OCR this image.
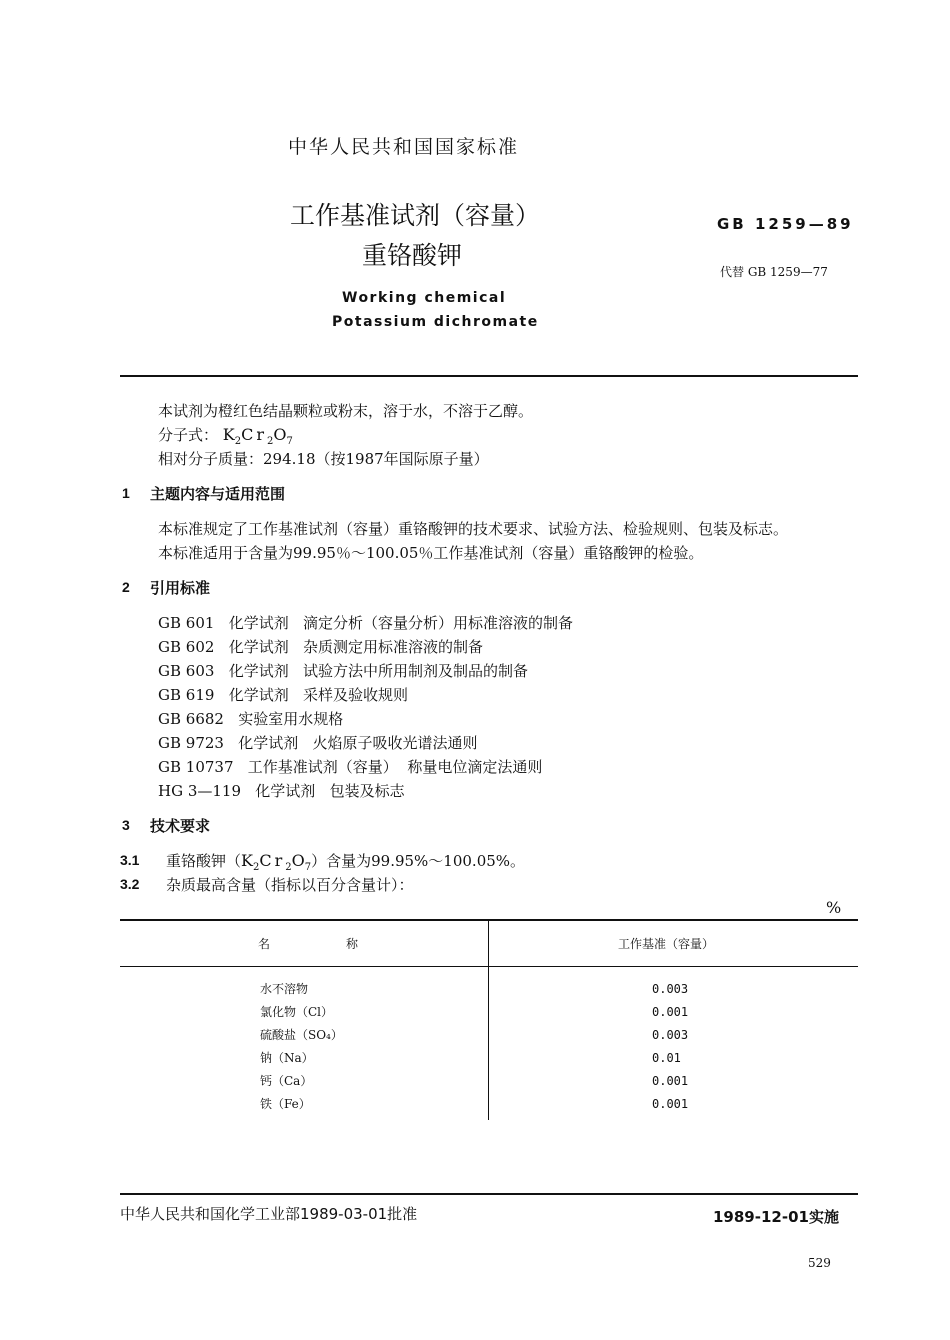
中华人民共和国国家标准
工作基准试剂（容量）
重铬酸钾
Working chemical
Potassium dichromate
GB 1259—89
代替 GB 1259—77
本试剂为橙红色结晶颗粒或粉末，溶于水，不溶于乙醇。
分子式： $K_2Cr_2O_7$
相对分子质量：294.18（按1987年国际原子量）
1 主题内容与适用范围
本标准规定了工作基准试剂（容量）重铬酸钾的技术要求、试验方法、检验规则、包装及标志。
本标准适用于含量为99.95％～100.05％工作基准试剂（容量）重铬酸钾的检验。
2 引用标准
GB 601   化学试剂   滴定分析（容量分析）用标准溶液的制备
GB 602   化学试剂   杂质测定用标准溶液的制备
GB 603   化学试剂   试验方法中所用制剂及制品的制备
GB 619   化学试剂   采样及验收规则
GB 6682   实验室用水规格
GB 9723   化学试剂   火焰原子吸收光谱法通则
GB 10737   工作基准试剂（容量）  称量电位滴定法通则
HG 3—119   化学试剂   包装及标志
3 技术要求
3.1 重铬酸钾$(K_2Cr_2O_7)$含量为99.95%～100.05%。
3.2 杂质最高含量（指标以百分含量计）：
%
名	称	工作基准（容量）
水不溶物	0.003
氯化物（Cl）	0.001
硫酸盐（SO₄）	0.003
钠（Na）	0.01
钙（Ca）	0.001
铁（Fe）	0.001
中华人民共和国化学工业部1989-03-01批准	1989-12-01实施
529
